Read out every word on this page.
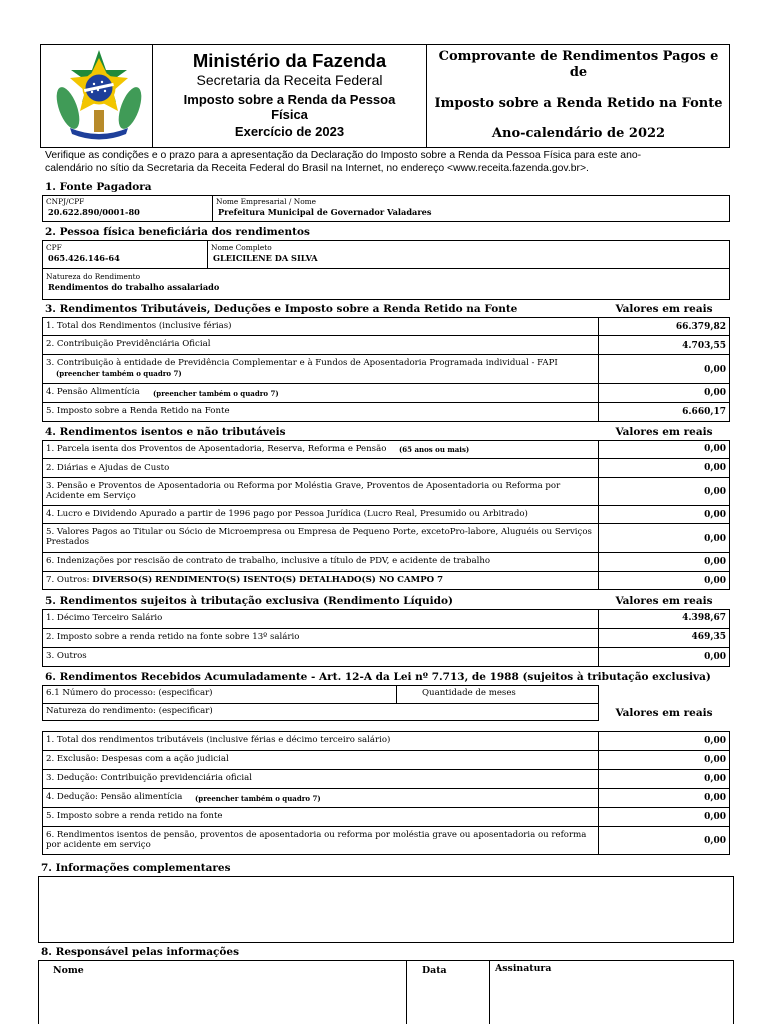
Ministério da Fazenda
Secretaria da Receita Federal
Imposto sobre a Renda da Pessoa
Física
Exercício de 2023
Comprovante de Rendimentos Pagos e
de
Imposto sobre a Renda Retido na Fonte
Ano-calendário de 2022
Verifique as condições e o prazo para a apresentação da Declaração do Imposto sobre a Renda da Pessoa Física para este ano-
calendário no sítio da Secretaria da Receita Federal do Brasil na Internet, no endereço <www.receita.fazenda.gov.br>.
1. Fonte Pagadora
CNPJ/CPF
20.622.890/0001-80
Nome Empresarial / Nome
Prefeitura Municipal de Governador Valadares
2. Pessoa física beneficiária dos rendimentos
CPF
065.426.146-64
Nome Completo
GLEICILENE DA SILVA
Natureza do Rendimento
Rendimentos do trabalho assalariado
3. Rendimentos Tributáveis, Deduções e Imposto sobre a Renda Retido na Fonte	Valores em reais
1. Total dos Rendimentos (inclusive férias)	66.379,82
2. Contribuição Previdênciária Oficial	4.703,55
3. Contribuição à entidade de Previdência Complementar e à Fundos de Aposentadoria Programada individual - FAPI
(preencher também o quadro 7)	0,00
4. Pensão Alimentícia (preencher também o quadro 7)	0,00
5. Imposto sobre a Renda Retido na Fonte	6.660,17
4. Rendimentos isentos e não tributáveis	Valores em reais
1. Parcela isenta dos Proventos de Aposentadoria, Reserva, Reforma e Pensão (65 anos ou mais)	0,00
2. Diárias e Ajudas de Custo	0,00
3. Pensão e Proventos de Aposentadoria ou Reforma por Moléstia Grave, Proventos de Aposentadoria ou Reforma por
Acidente em Serviço	0,00
4. Lucro e Dividendo Apurado a partir de 1996 pago por Pessoa Jurídica (Lucro Real, Presumido ou Arbitrado)	0,00
5. Valores Pagos ao Titular ou Sócio de Microempresa ou Empresa de Pequeno Porte, excetoPro-labore, Aluguéis ou Serviços
Prestados	0,00
6. Indenizações por rescisão de contrato de trabalho, inclusive a título de PDV, e acidente de trabalho	0,00
7. Outros: DIVERSO(S) RENDIMENTO(S) ISENTO(S) DETALHADO(S) NO CAMPO 7	0,00
5. Rendimentos sujeitos à tributação exclusiva (Rendimento Líquido)	Valores em reais
1. Décimo Terceiro Salário	4.398,67
2. Imposto sobre a renda retido na fonte sobre 13º salário	469,35
3. Outros	0,00
6. Rendimentos Recebidos Acumuladamente - Art. 12-A da Lei nº 7.713, de 1988 (sujeitos à tributação exclusiva)
6.1 Número do processo: (especificar)	Quantidade de meses
Natureza do rendimento: (especificar)	Valores em reais
1. Total dos rendimentos tributáveis (inclusive férias e décimo terceiro salário)	0,00
2. Exclusão: Despesas com a ação judicial	0,00
3. Dedução: Contribuição previdenciária oficial	0,00
4. Dedução: Pensão alimentícia (preencher também o quadro 7)	0,00
5. Imposto sobre a renda retido na fonte	0,00
6. Rendimentos isentos de pensão, proventos de aposentadoria ou reforma por moléstia grave ou aposentadoria ou reforma
por acidente em serviço	0,00
7. Informações complementares
8. Responsável pelas informações
Nome	Data	Assinatura
